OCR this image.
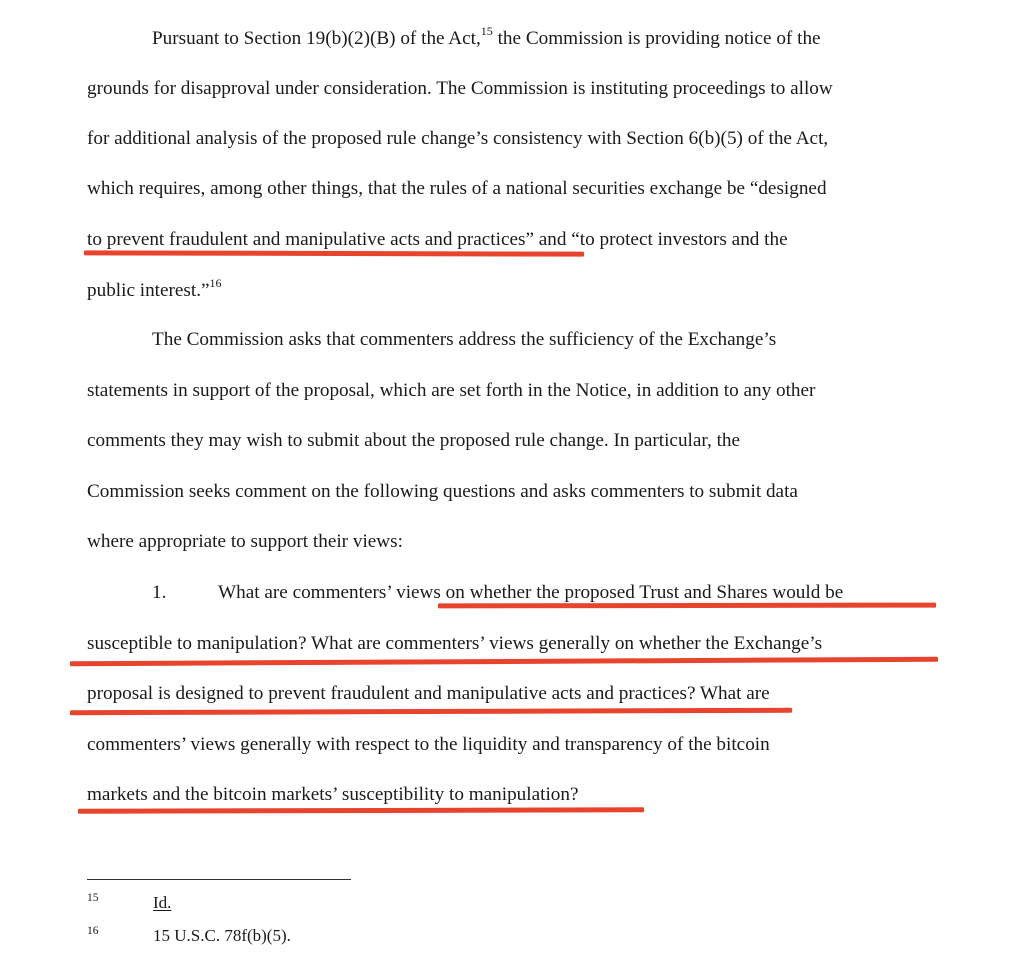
Pursuant to Section 19(b)(2)(B) of the Act,$^{15}$ the Commission is providing notice of the
grounds for disapproval under consideration. The Commission is instituting proceedings to allow
for additional analysis of the proposed rule change’s consistency with Section 6(b)(5) of the Act,
which requires, among other things, that the rules of a national securities exchange be “designed
to prevent fraudulent and manipulative acts and practices” and “to protect investors and the
public interest.”$^{16}$
The Commission asks that commenters address the sufficiency of the Exchange’s
statements in support of the proposal, which are set forth in the Notice, in addition to any other
comments they may wish to submit about the proposed rule change. In particular, the
Commission seeks comment on the following questions and asks commenters to submit data
where appropriate to support their views:
1.	What are commenters’ views on whether the proposed Trust and Shares would be
susceptible to manipulation? What are commenters’ views generally on whether the Exchange’s
proposal is designed to prevent fraudulent and manipulative acts and practices? What are
commenters’ views generally with respect to the liquidity and transparency of the bitcoin
markets and the bitcoin markets’ susceptibility to manipulation?
15	Id.
16	15 U.S.C. 78f(b)(5).
